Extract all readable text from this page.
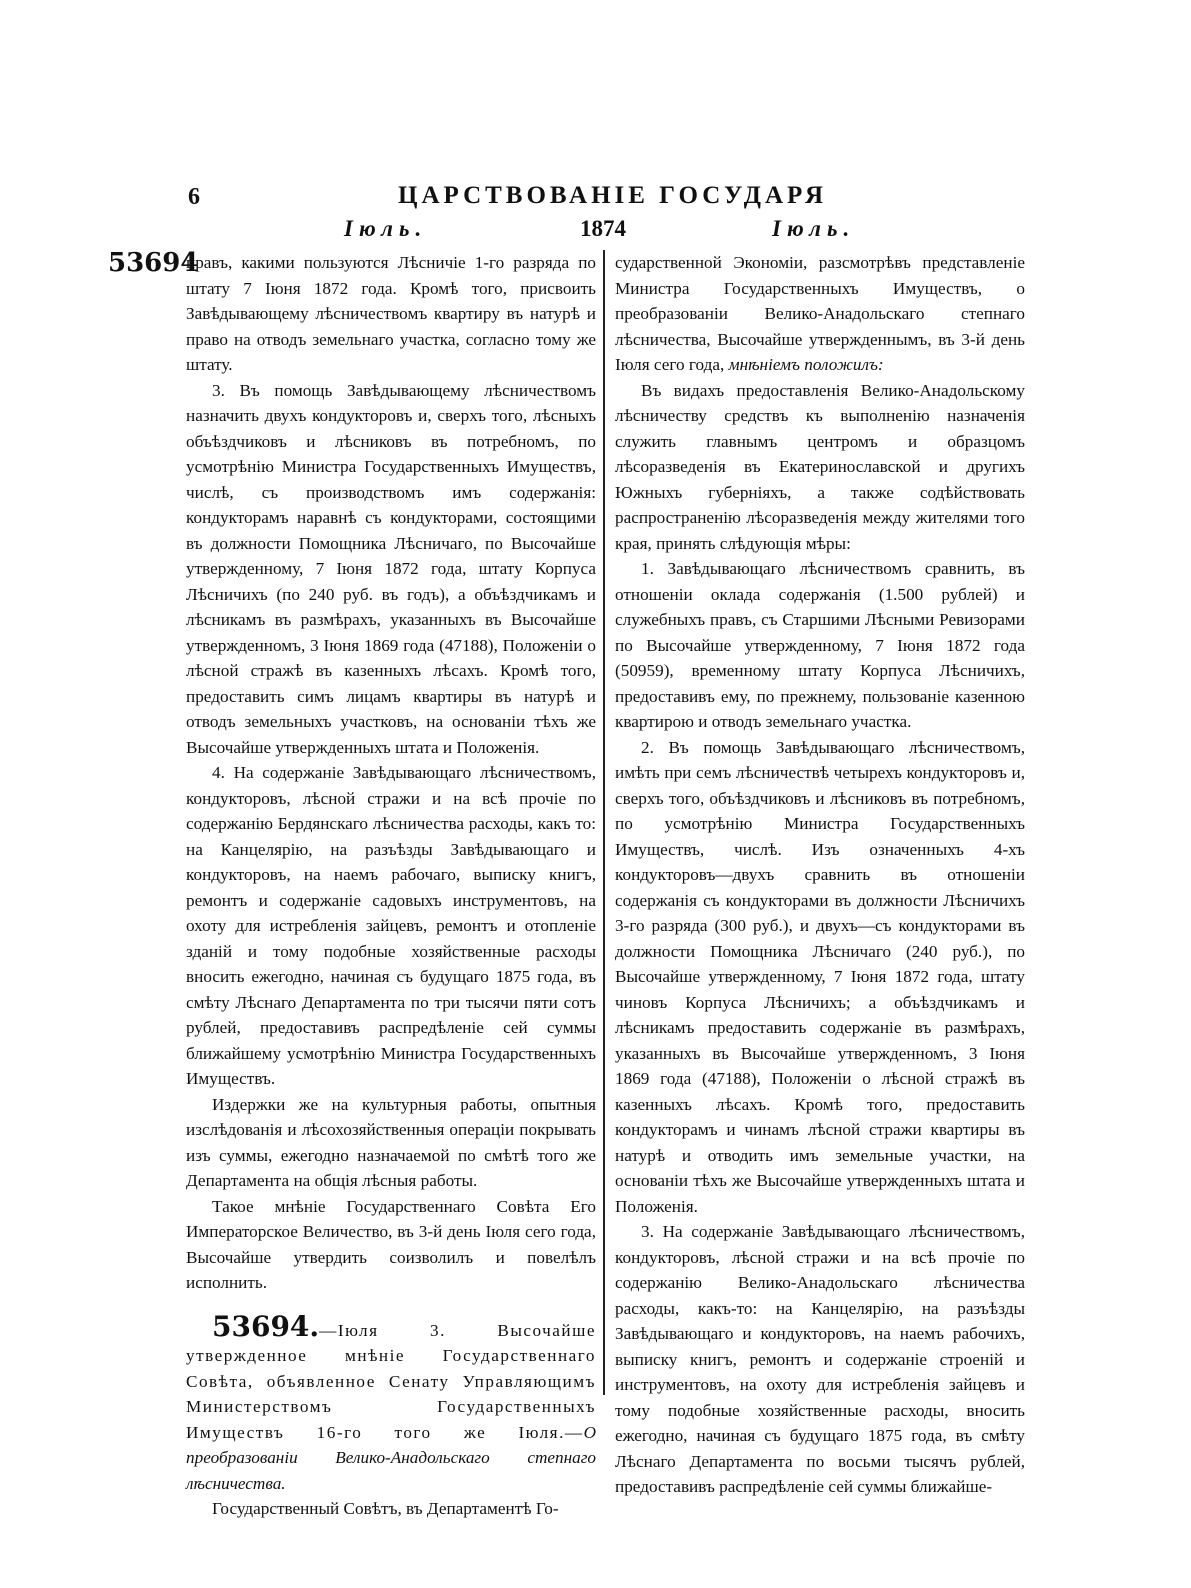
6	ЦАРСТВОВАНІЕ ГОСУДАРЯ
Іюль.	1874	Іюль.
53694

правъ, какими пользуются Лѣсничіе 1-го разряда по штату 7 Іюня 1872 года. Кромѣ того, присвоить Завѣдывающему лѣсничествомъ квартиру въ натурѣ и право на отводъ земельнаго участка, согласно тому же штату.

3. Въ помощь Завѣдывающему лѣсничествомъ назначить двухъ кондукторовъ и, сверхъ того, лѣсныхъ объѣздчиковъ и лѣсниковъ въ потребномъ, по усмотрѣнію Министра Государственныхъ Имуществъ, числѣ, съ производствомъ имъ содержанія: кондукторамъ наравнѣ съ кондукторами, состоящими въ должности Помощника Лѣсничаго, по Высочайше утвержденному, 7 Іюня 1872 года, штату Корпуса Лѣсничихъ (по 240 руб. въ годъ), а объѣздчикамъ и лѣсникамъ въ размѣрахъ, указанныхъ въ Высочайше утвержденномъ, 3 Іюня 1869 года (47188), Положеніи о лѣсной стражѣ въ казенныхъ лѣсахъ. Кромѣ того, предоставить симъ лицамъ квартиры въ натурѣ и отводъ земельныхъ участковъ, на основаніи тѣхъ же Высочайше утвержденныхъ штата и Положенія.

4. На содержаніе Завѣдывающаго лѣсничествомъ, кондукторовъ, лѣсной стражи и на всѣ прочіе по содержанію Бердянскаго лѣсничества расходы, какъ то: на Канцелярію, на разъѣзды Завѣдывающаго и кондукторовъ, на наемъ рабочаго, выписку книгъ, ремонтъ и содержаніе садовыхъ инструментовъ, на охоту для истребленія зайцевъ, ремонтъ и отопленіе зданій и тому подобные хозяйственные расходы вносить ежегодно, начиная съ будущаго 1875 года, въ смѣту Лѣснаго Департамента по три тысячи пяти сотъ рублей, предоставивъ распредѣленіе сей суммы ближайшему усмотрѣнію Министра Государственныхъ Имуществъ.

Издержки же на культурныя работы, опытныя изслѣдованія и лѣсохозяйственныя операціи покрывать изъ суммы, ежегодно назначаемой по смѣтѣ того же Департамента на общія лѣсныя работы.

Такое мнѣніе Государственнаго Совѣта Его Императорское Величество, въ 3-й день Іюля сего года, Высочайше утвердить соизволилъ и повелѣлъ исполнить.

53694.—Іюля 3. Высочайше утвержденное мнѣніе Государственнаго Совѣта, объявленное Сенату Управляющимъ Министерствомъ Государственныхъ Имуществъ 16-го того же Іюля.—О преобразованіи Велико-Анадольскаго степнаго лѣсничества.

Государственный Совѣтъ, въ Департаментѣ Го-

сударственной Экономіи, разсмотрѣвъ представленіе Министра Государственныхъ Имуществъ, о преобразованіи Велико-Анадольскаго степнаго лѣсничества, Высочайше утвержденнымъ, въ 3-й день Іюля сего года, мнѣніемъ положилъ:

Въ видахъ предоставленія Велико-Анадольскому лѣсничеству средствъ къ выполненію назначенія служить главнымъ центромъ и образцомъ лѣсоразведенія въ Екатеринославской и другихъ Южныхъ губерніяхъ, а также содѣйствовать распространенію лѣсоразведенія между жителями того края, принять слѣдующія мѣры:

1. Завѣдывающаго лѣсничествомъ сравнить, въ отношеніи оклада содержанія (1.500 рублей) и служебныхъ правъ, съ Старшими Лѣсными Ревизорами по Высочайше утвержденному, 7 Іюня 1872 года (50959), временному штату Корпуса Лѣсничихъ, предоставивъ ему, по прежнему, пользованіе казенною квартирою и отводъ земельнаго участка.

2. Въ помощь Завѣдывающаго лѣсничествомъ, имѣть при семъ лѣсничествѣ четырехъ кондукторовъ и, сверхъ того, объѣздчиковъ и лѣсниковъ въ потребномъ, по усмотрѣнію Министра Государственныхъ Имуществъ, числѣ. Изъ означенныхъ 4-хъ кондукторовъ—двухъ сравнить въ отношеніи содержанія съ кондукторами въ должности Лѣсничихъ 3-го разряда (300 руб.), и двухъ—съ кондукторами въ должности Помощника Лѣсничаго (240 руб.), по Высочайше утвержденному, 7 Іюня 1872 года, штату чиновъ Корпуса Лѣсничихъ; а объѣздчикамъ и лѣсникамъ предоставить содержаніе въ размѣрахъ, указанныхъ въ Высочайше утвержденномъ, 3 Іюня 1869 года (47188), Положеніи о лѣсной стражѣ въ казенныхъ лѣсахъ. Кромѣ того, предоставить кондукторамъ и чинамъ лѣсной стражи квартиры въ натурѣ и отводить имъ земельные участки, на основаніи тѣхъ же Высочайше утвержденныхъ штата и Положенія.

3. На содержаніе Завѣдывающаго лѣсничествомъ, кондукторовъ, лѣсной стражи и на всѣ прочіе по содержанію Велико-Анадольскаго лѣсничества расходы, какъ-то: на Канцелярію, на разъѣзды Завѣдывающаго и кондукторовъ, на наемъ рабочихъ, выписку книгъ, ремонтъ и содержаніе строеній и инструментовъ, на охоту для истребленія зайцевъ и тому подобные хозяйственные расходы, вносить ежегодно, начиная съ будущаго 1875 года, въ смѣту Лѣснаго Департамента по восьми тысячъ рублей, предоставивъ распредѣленіе сей суммы ближайше-
